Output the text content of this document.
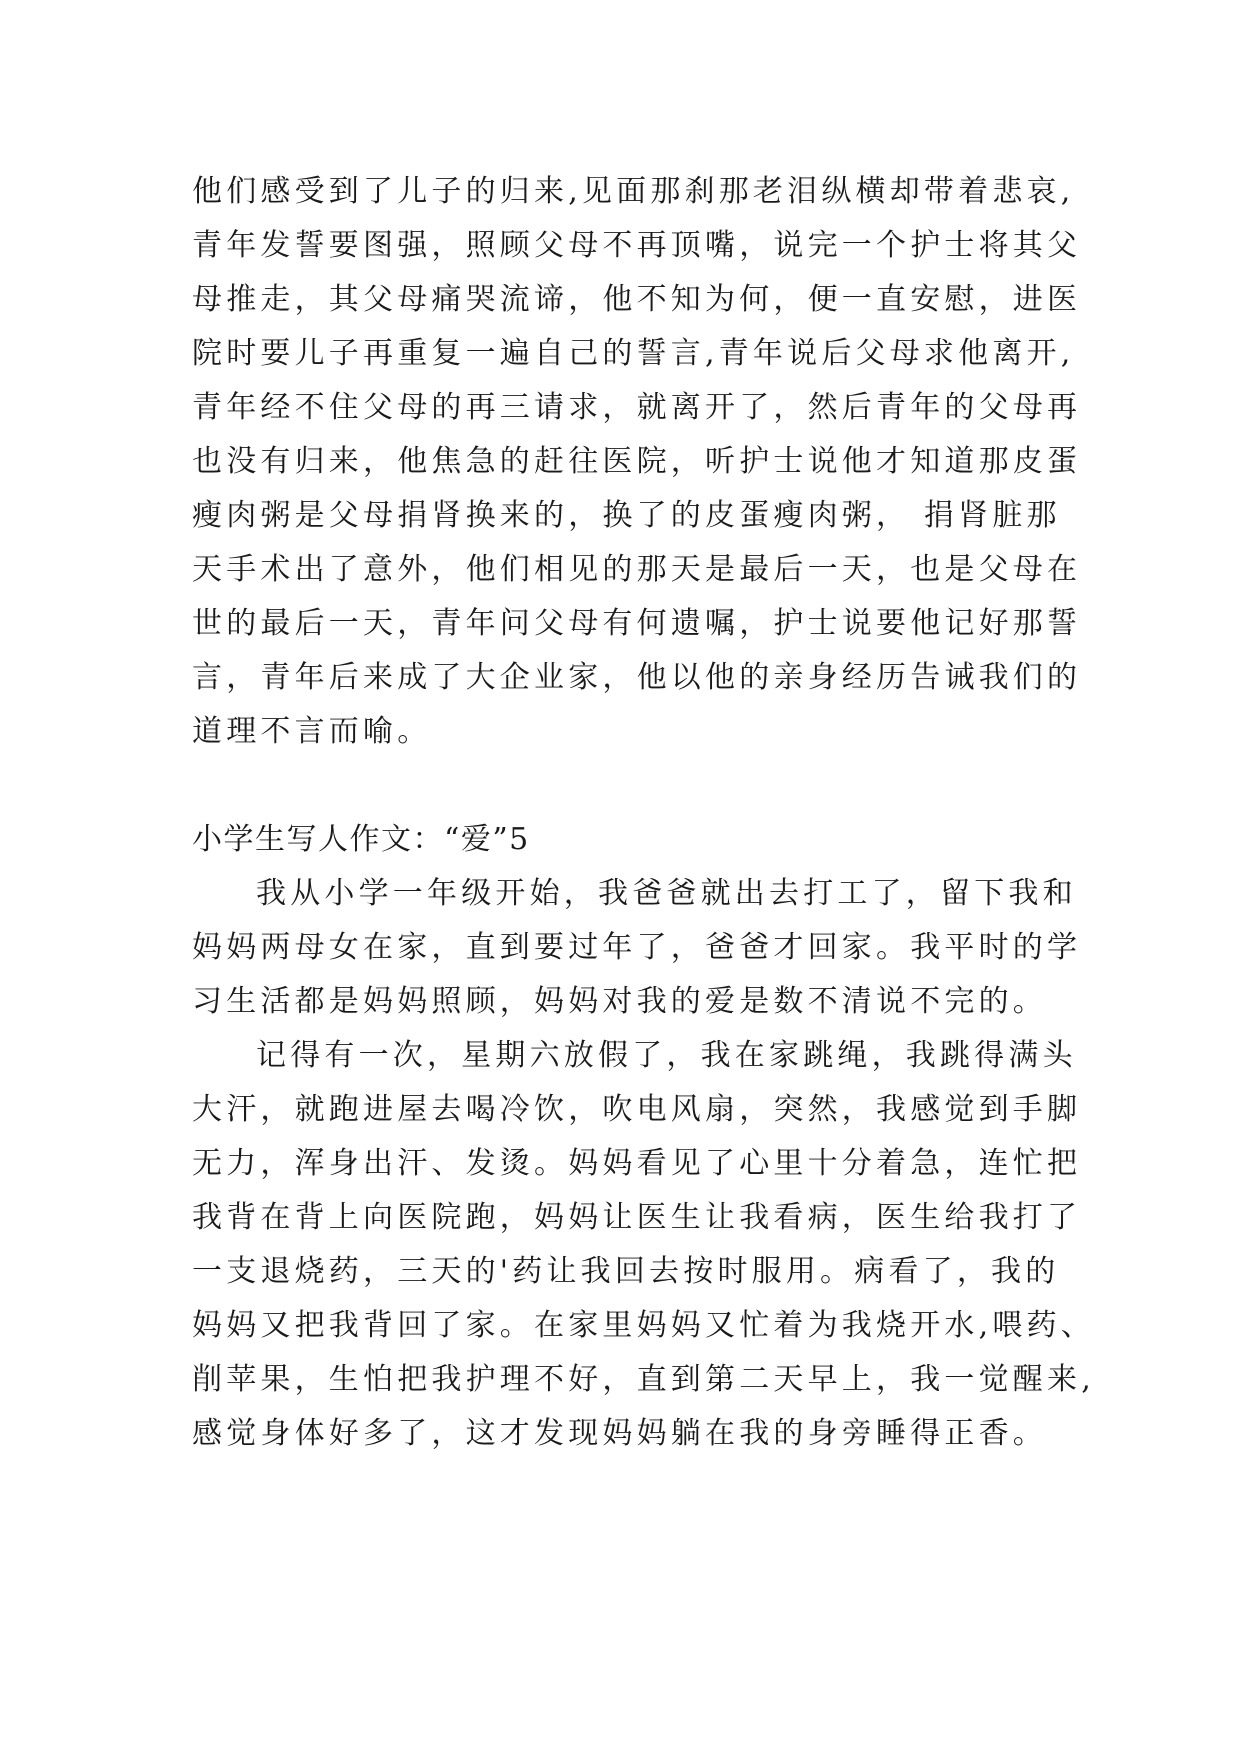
他们感受到了儿子的归来,见面那刹那老泪纵横却带着悲哀,
青年发誓要图强，照顾父母不再顶嘴，说完一个护士将其父
母推走，其父母痛哭流谛，他不知为何，便一直安慰，进医
院时要儿子再重复一遍自己的誓言,青年说后父母求他离开,
青年经不住父母的再三请求，就离开了，然后青年的父母再
也没有归来，他焦急的赶往医院，听护士说他才知道那皮蛋
瘦肉粥是父母捐肾换来的，换了的皮蛋瘦肉粥， 捐肾脏那
天手术出了意外，他们相见的那天是最后一天，也是父母在
世的最后一天，青年问父母有何遗嘱，护士说要他记好那誓
言，青年后来成了大企业家，他以他的亲身经历告诫我们的
道理不言而喻。
小学生写人作文：“爱”5
我从小学一年级开始，我爸爸就出去打工了，留下我和
妈妈两母女在家，直到要过年了，爸爸才回家。我平时的学
习生活都是妈妈照顾，妈妈对我的爱是数不清说不完的。
记得有一次，星期六放假了，我在家跳绳，我跳得满头
大汗，就跑进屋去喝冷饮，吹电风扇，突然，我感觉到手脚
无力，浑身出汗、发烫。妈妈看见了心里十分着急，连忙把
我背在背上向医院跑，妈妈让医生让我看病，医生给我打了
一支退烧药，三天的'药让我回去按时服用。病看了，我的
妈妈又把我背回了家。在家里妈妈又忙着为我烧开水,喂药、
削苹果，生怕把我护理不好，直到第二天早上，我一觉醒来,
感觉身体好多了，这才发现妈妈躺在我的身旁睡得正香。
